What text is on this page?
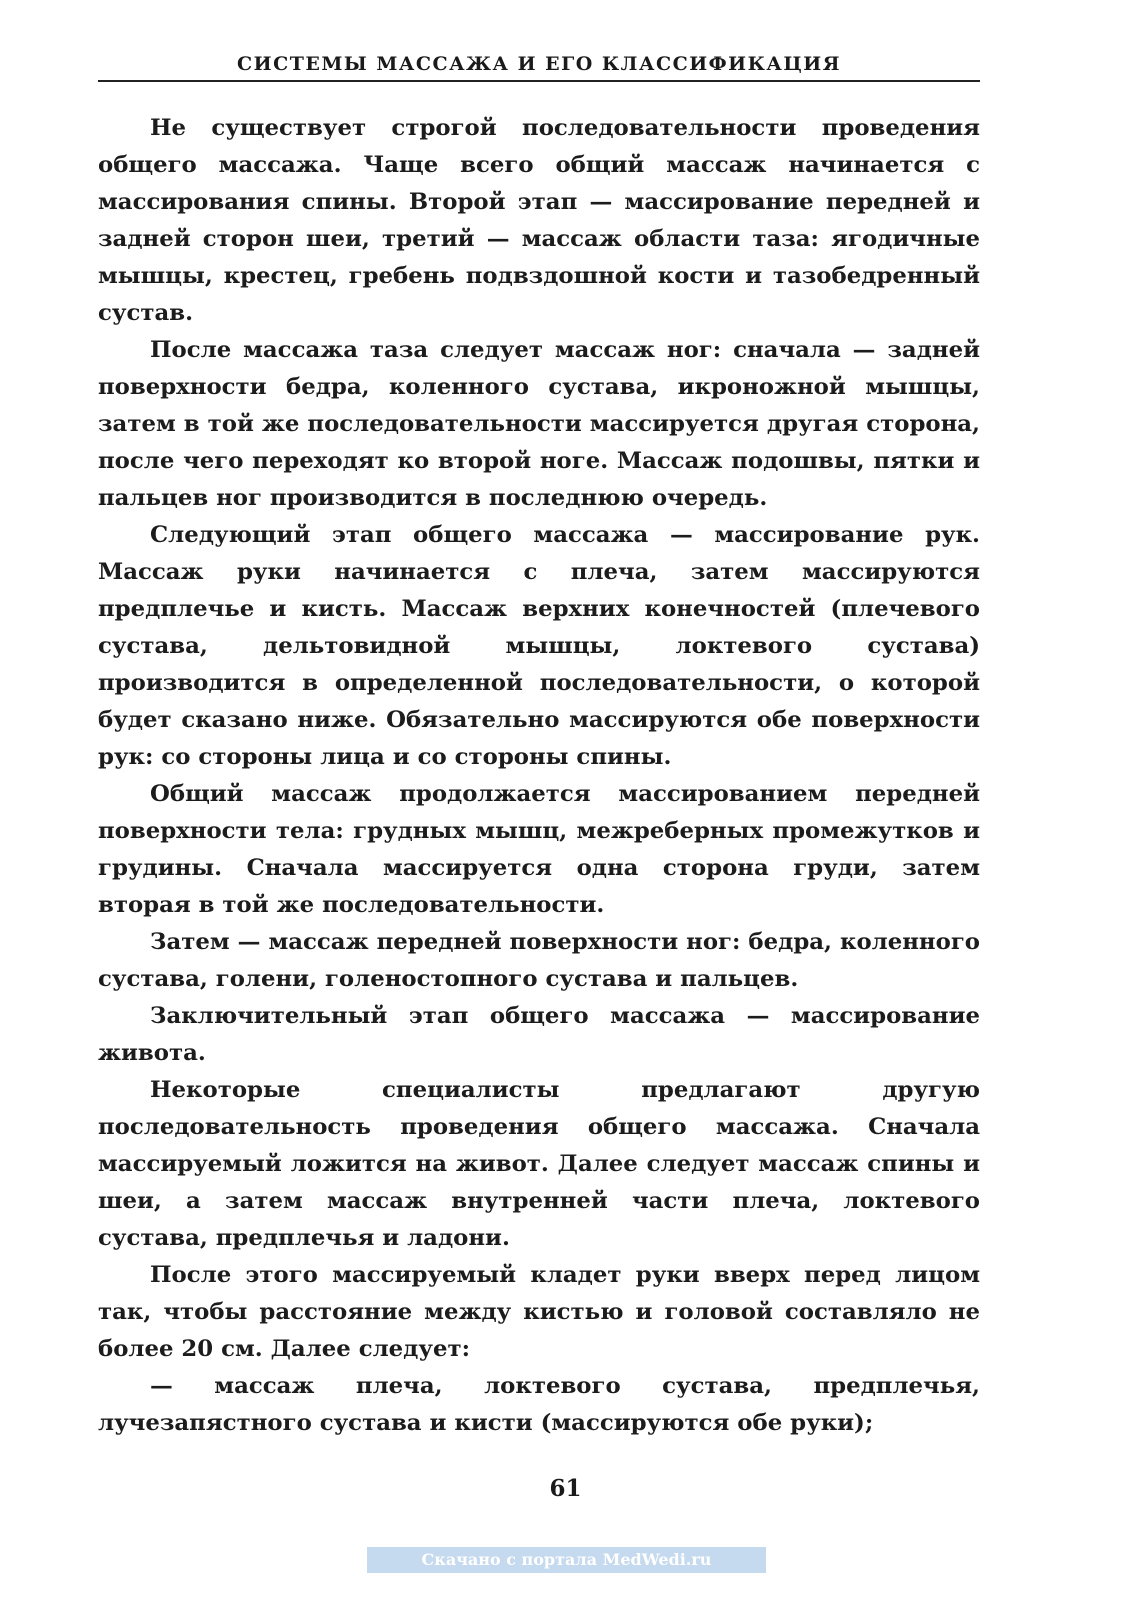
СИСТЕМЫ МАССАЖА И ЕГО КЛАССИФИКАЦИЯ

Не существует строгой последовательности проведения общего массажа. Чаще всего общий массаж начинается с массирования спины. Второй этап — массирование передней и задней сторон шеи, третий — массаж области таза: ягодичные мышцы, крестец, гребень подвздошной кости и тазобедренный сустав.

После массажа таза следует массаж ног: сначала — задней поверхности бедра, коленного сустава, икроножной мышцы, затем в той же последовательности массируется другая сторона, после чего переходят ко второй ноге. Массаж подошвы, пятки и пальцев ног производится в последнюю очередь.

Следующий этап общего массажа — массирование рук. Массаж руки начинается с плеча, затем массируются предплечье и кисть. Массаж верхних конечностей (плечевого сустава, дельтовидной мышцы, локтевого сустава) производится в определенной последовательности, о которой будет сказано ниже. Обязательно массируются обе поверхности рук: со стороны лица и со стороны спины.

Общий массаж продолжается массированием передней поверхности тела: грудных мышц, межреберных промежутков и грудины. Сначала массируется одна сторона груди, затем вторая в той же последовательности.

Затем — массаж передней поверхности ног: бедра, коленного сустава, голени, голеностопного сустава и пальцев.

Заключительный этап общего массажа — массирование живота.

Некоторые специалисты предлагают другую последовательность проведения общего массажа. Сначала массируемый ложится на живот. Далее следует массаж спины и шеи, а затем массаж внутренней части плеча, локтевого сустава, предплечья и ладони.

После этого массируемый кладет руки вверх перед лицом так, чтобы расстояние между кистью и головой составляло не более 20 см. Далее следует:

— массаж плеча, локтевого сустава, предплечья, лучезапястного сустава и кисти (массируются обе руки);

61
Скачано с портала MedWedi.ru
